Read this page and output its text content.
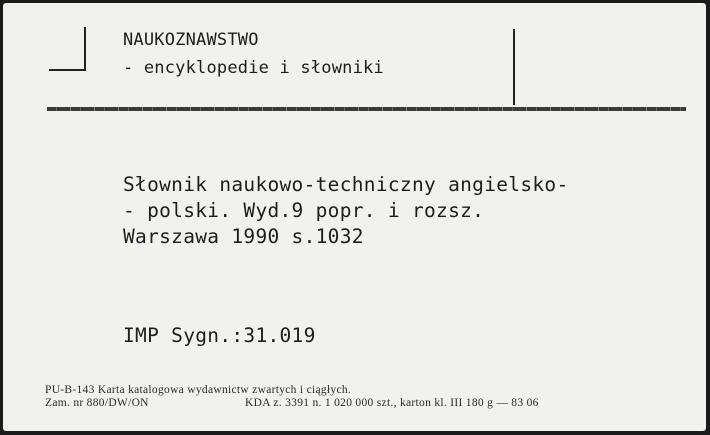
NAUKOZNAWSTWO
- encyklopedie i słowniki
Słownik naukowo-techniczny angielsko-
- polski. Wyd.9 popr. i rozsz.
Warszawa 1990 s.1032
IMP Sygn.:31.019
PU-B-143 Karta katalogowa wydawnictw zwartych i ciągłych.
Zam. nr 880/DW/ON	KDA z. 3391 n. 1 020 000 szt., karton kl. III 180 g — 83 06
